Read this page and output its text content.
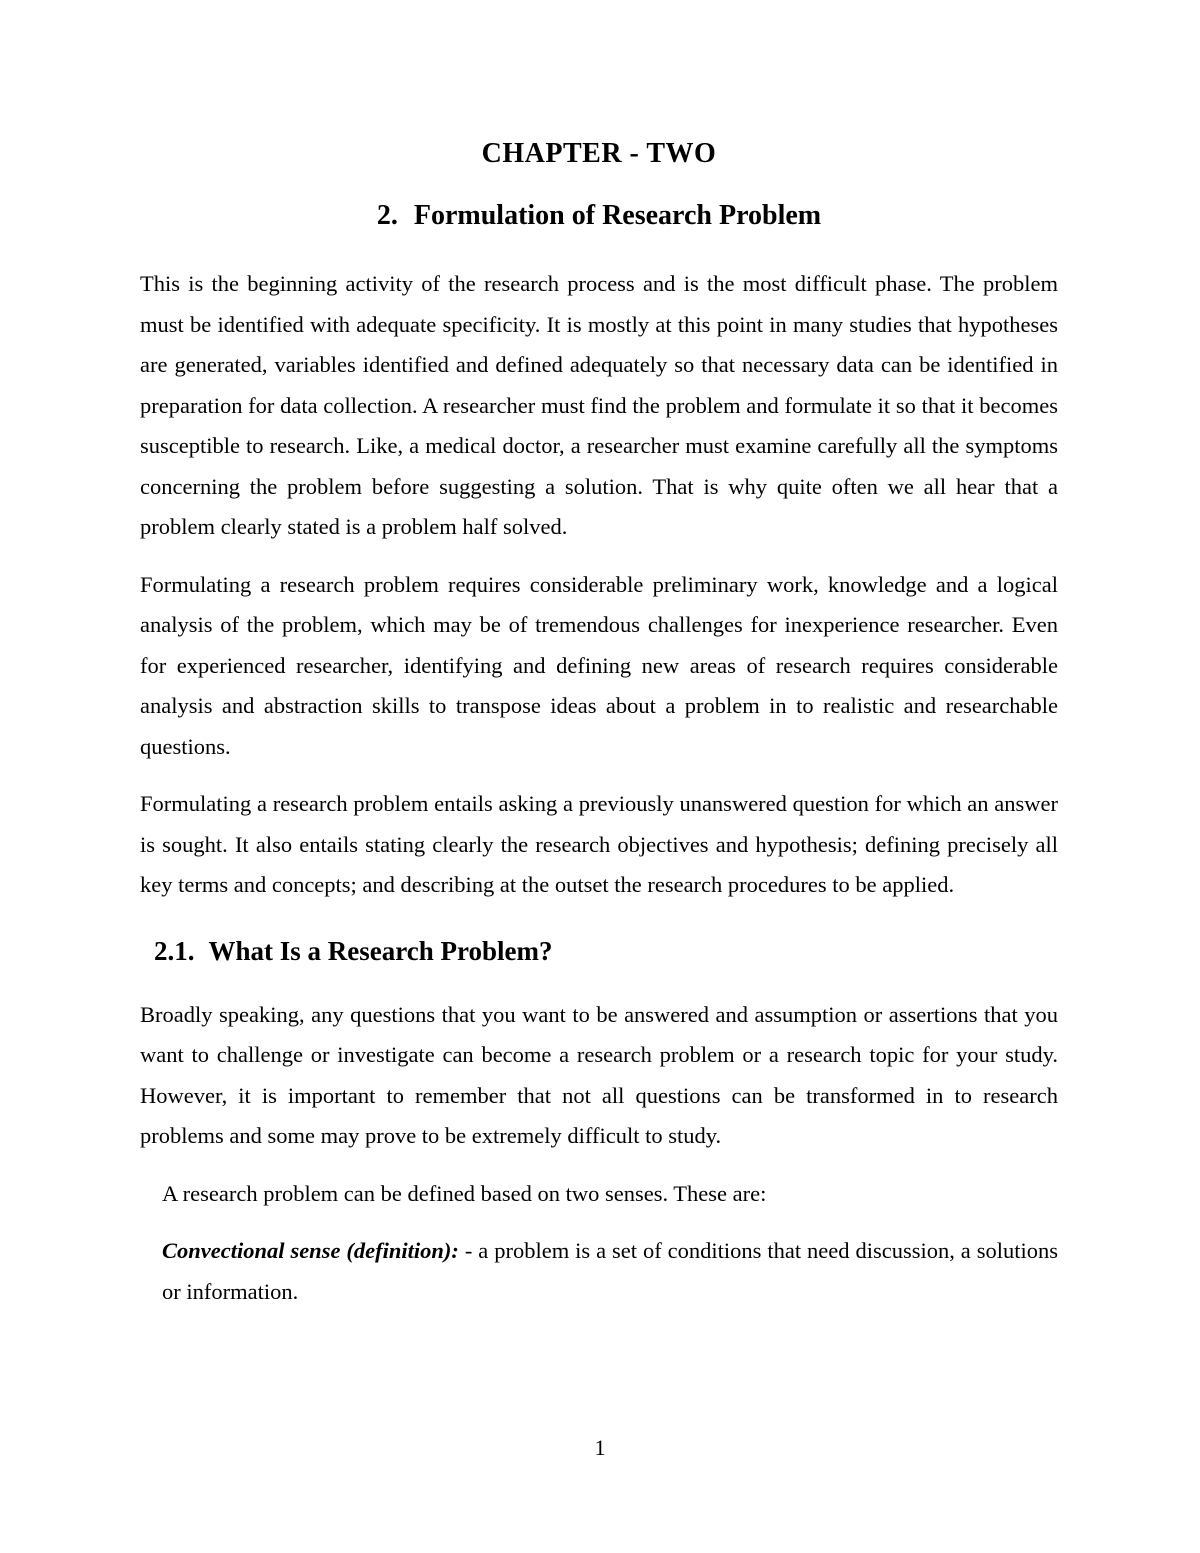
CHAPTER - TWO
2. Formulation of Research Problem

This is the beginning activity of the research process and is the most difficult phase. The problem must be identified with adequate specificity. It is mostly at this point in many studies that hypotheses are generated, variables identified and defined adequately so that necessary data can be identified in preparation for data collection. A researcher must find the problem and formulate it so that it becomes susceptible to research. Like, a medical doctor, a researcher must examine carefully all the symptoms concerning the problem before suggesting a solution. That is why quite often we all hear that a problem clearly stated is a problem half solved.

Formulating a research problem requires considerable preliminary work, knowledge and a logical analysis of the problem, which may be of tremendous challenges for inexperience researcher. Even for experienced researcher, identifying and defining new areas of research requires considerable analysis and abstraction skills to transpose ideas about a problem in to realistic and researchable questions.

Formulating a research problem entails asking a previously unanswered question for which an answer is sought. It also entails stating clearly the research objectives and hypothesis; defining precisely all key terms and concepts; and describing at the outset the research procedures to be applied.

2.1. What Is a Research Problem?

Broadly speaking, any questions that you want to be answered and assumption or assertions that you want to challenge or investigate can become a research problem or a research topic for your study. However, it is important to remember that not all questions can be transformed in to research problems and some may prove to be extremely difficult to study.

A research problem can be defined based on two senses. These are:

Convectional sense (definition): - a problem is a set of conditions that need discussion, a solutions or information.

1
